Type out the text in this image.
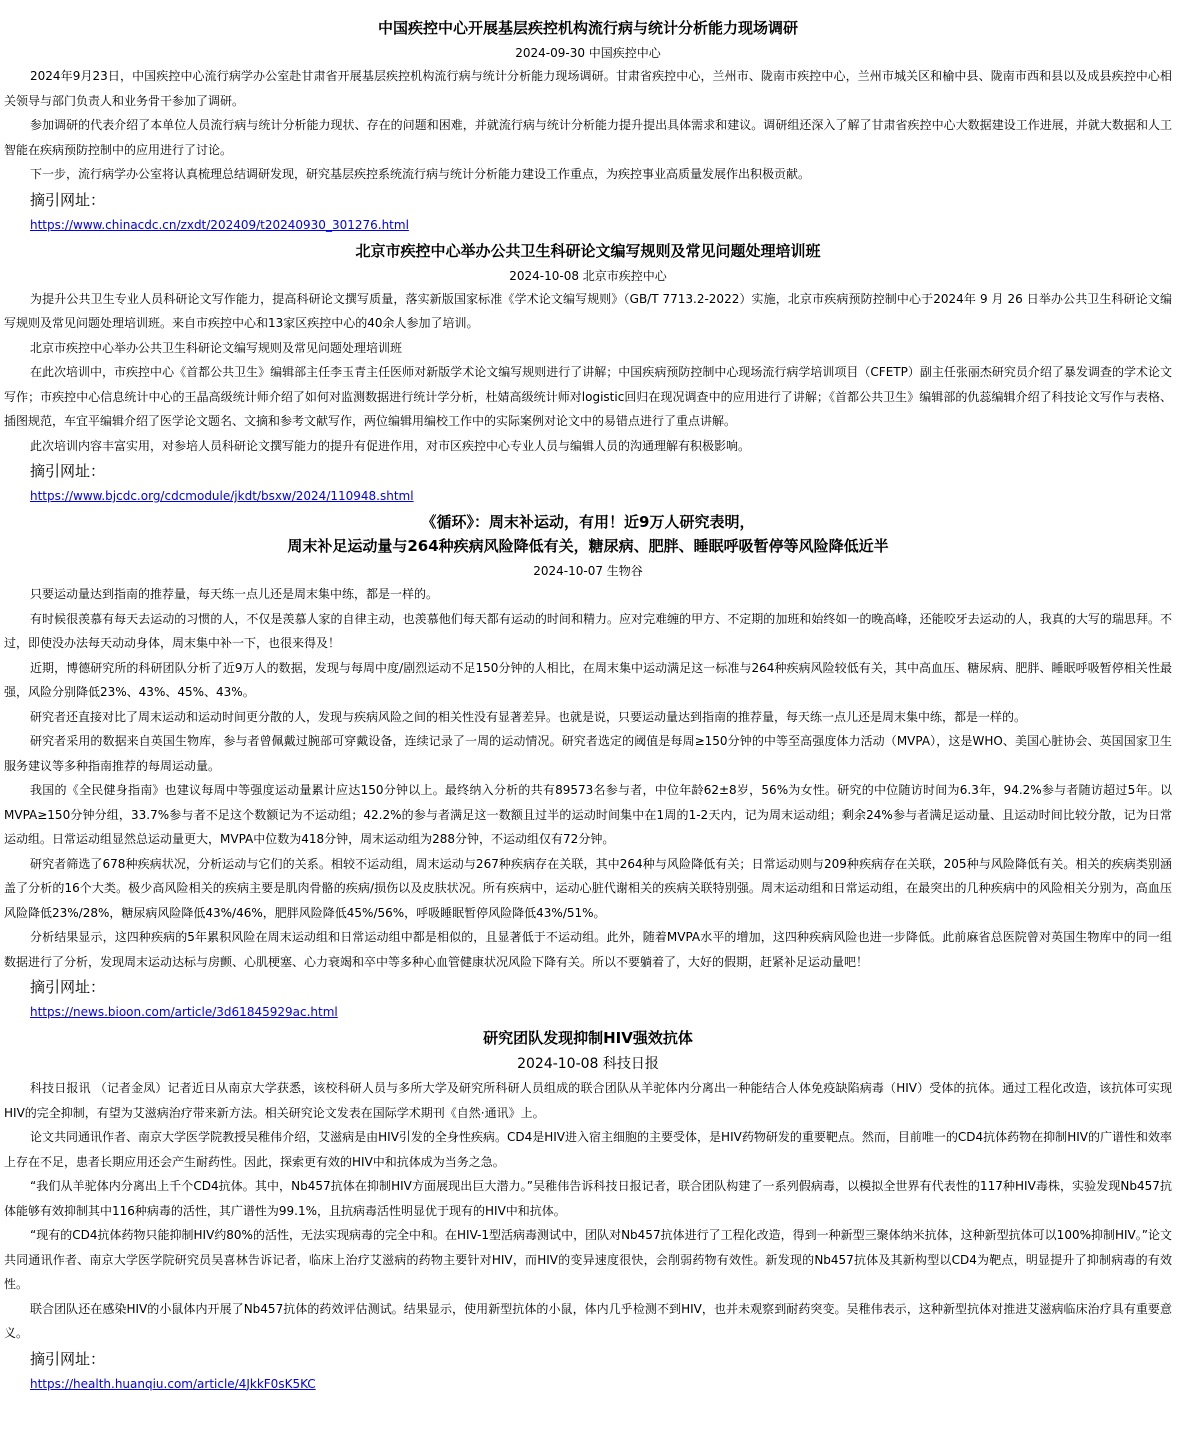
中国疾控中心开展基层疾控机构流行病与统计分析能力现场调研
2024-09-30 中国疾控中心

2024年9月23日，中国疾控中心流行病学办公室赴甘肃省开展基层疾控机构流行病与统计分析能力现场调研。甘肃省疾控中心，兰州市、陇南市疾控中心，兰州市城关区和榆中县、陇南市西和县以及成县疾控中心相关领导与部门负责人和业务骨干参加了调研。

参加调研的代表介绍了本单位人员流行病与统计分析能力现状、存在的问题和困难，并就流行病与统计分析能力提升提出具体需求和建议。调研组还深入了解了甘肃省疾控中心大数据建设工作进展，并就大数据和人工智能在疾病预防控制中的应用进行了讨论。

下一步，流行病学办公室将认真梳理总结调研发现，研究基层疾控系统流行病与统计分析能力建设工作重点，为疾控事业高质量发展作出积极贡献。

摘引网址：
https://www.chinacdc.cn/zxdt/202409/t20240930_301276.html
北京市疾控中心举办公共卫生科研论文编写规则及常见问题处理培训班
2024-10-08 北京市疾控中心

为提升公共卫生专业人员科研论文写作能力，提高科研论文撰写质量，落实新版国家标准《学术论文编写规则》（GB/T 7713.2-2022）实施，北京市疾病预防控制中心于2024年 9 月 26 日举办公共卫生科研论文编写规则及常见问题处理培训班。来自市疾控中心和13家区疾控中心的40余人参加了培训。

北京市疾控中心举办公共卫生科研论文编写规则及常见问题处理培训班

在此次培训中，市疾控中心《首都公共卫生》编辑部主任李玉青主任医师对新版学术论文编写规则进行了讲解；中国疾病预防控制中心现场流行病学培训项目（CFETP）副主任张丽杰研究员介绍了暴发调查的学术论文写作；市疾控中心信息统计中心的王晶高级统计师介绍了如何对监测数据进行统计学分析，杜婧高级统计师对logistic回归在现况调查中的应用进行了讲解；《首都公共卫生》编辑部的仇蕊编辑介绍了科技论文写作与表格、插图规范，车宜平编辑介绍了医学论文题名、文摘和参考文献写作，两位编辑用编校工作中的实际案例对论文中的易错点进行了重点讲解。

此次培训内容丰富实用，对参培人员科研论文撰写能力的提升有促进作用，对市区疾控中心专业人员与编辑人员的沟通理解有积极影响。

摘引网址：
https://www.bjcdc.org/cdcmodule/jkdt/bsxw/2024/110948.shtml
《循环》：周末补运动，有用！近9万人研究表明，
周末补足运动量与264种疾病风险降低有关，糖尿病、肥胖、睡眠呼吸暂停等风险降低近半
2024-10-07 生物谷

只要运动量达到指南的推荐量，每天练一点儿还是周末集中练，都是一样的。

有时候很羡慕有每天去运动的习惯的人，不仅是羡慕人家的自律主动，也羡慕他们每天都有运动的时间和精力。应对完难缠的甲方、不定期的加班和始终如一的晚高峰，还能咬牙去运动的人，我真的大写的瑞思拜。不过，即使没办法每天动动身体，周末集中补一下，也很来得及！

近期，博德研究所的科研团队分析了近9万人的数据，发现与每周中度/剧烈运动不足150分钟的人相比，在周末集中运动满足这一标准与264种疾病风险较低有关，其中高血压、糖尿病、肥胖、睡眠呼吸暂停相关性最强，风险分别降低23%、43%、45%、43%。

研究者还直接对比了周末运动和运动时间更分散的人，发现与疾病风险之间的相关性没有显著差异。也就是说，只要运动量达到指南的推荐量，每天练一点儿还是周末集中练，都是一样的。

研究者采用的数据来自英国生物库，参与者曾佩戴过腕部可穿戴设备，连续记录了一周的运动情况。研究者选定的阈值是每周≥150分钟的中等至高强度体力活动（MVPA），这是WHO、美国心脏协会、英国国家卫生服务建议等多种指南推荐的每周运动量。

我国的《全民健身指南》也建议每周中等强度运动量累计应达150分钟以上。最终纳入分析的共有89573名参与者，中位年龄62±8岁，56%为女性。研究的中位随访时间为6.3年，94.2%参与者随访超过5年。以MVPA≥150分钟分组，33.7%参与者不足这个数额记为不运动组；42.2%的参与者满足这一数额且过半的运动时间集中在1周的1-2天内，记为周末运动组；剩余24%参与者满足运动量、且运动时间比较分散，记为日常运动组。日常运动组显然总运动量更大，MVPA中位数为418分钟，周末运动组为288分钟，不运动组仅有72分钟。

研究者筛选了678种疾病状况，分析运动与它们的关系。相较不运动组，周末运动与267种疾病存在关联，其中264种与风险降低有关；日常运动则与209种疾病存在关联，205种与风险降低有关。相关的疾病类别涵盖了分析的16个大类。极少高风险相关的疾病主要是肌肉骨骼的疾病/损伤以及皮肤状况。所有疾病中，运动心脏代谢相关的疾病关联特别强。周末运动组和日常运动组，在最突出的几种疾病中的风险相关分别为，高血压风险降低23%/28%，糖尿病风险降低43%/46%，肥胖风险降低45%/56%，呼吸睡眠暂停风险降低43%/51%。

分析结果显示，这四种疾病的5年累积风险在周末运动组和日常运动组中都是相似的，且显著低于不运动组。此外，随着MVPA水平的增加，这四种疾病风险也进一步降低。此前麻省总医院曾对英国生物库中的同一组数据进行了分析，发现周末运动达标与房颤、心肌梗塞、心力衰竭和卒中等多种心血管健康状况风险下降有关。所以不要躺着了，大好的假期，赶紧补足运动量吧！

摘引网址：
https://news.bioon.com/article/3d61845929ac.html
研究团队发现抑制HIV强效抗体
2024-10-08 科技日报

科技日报讯 （记者金凤）记者近日从南京大学获悉，该校科研人员与多所大学及研究所科研人员组成的联合团队从羊驼体内分离出一种能结合人体免疫缺陷病毒（HIV）受体的抗体。通过工程化改造，该抗体可实现HIV的完全抑制，有望为艾滋病治疗带来新方法。相关研究论文发表在国际学术期刊《自然·通讯》上。

论文共同通讯作者、南京大学医学院教授吴稚伟介绍，艾滋病是由HIV引发的全身性疾病。CD4是HIV进入宿主细胞的主要受体，是HIV药物研发的重要靶点。然而，目前唯一的CD4抗体药物在抑制HIV的广谱性和效率上存在不足，患者长期应用还会产生耐药性。因此，探索更有效的HIV中和抗体成为当务之急。

“我们从羊驼体内分离出上千个CD4抗体。其中，Nb457抗体在抑制HIV方面展现出巨大潜力。”吴稚伟告诉科技日报记者，联合团队构建了一系列假病毒，以模拟全世界有代表性的117种HIV毒株，实验发现Nb457抗体能够有效抑制其中116种病毒的活性，其广谱性为99.1%，且抗病毒活性明显优于现有的HIV中和抗体。

“现有的CD4抗体药物只能抑制HIV约80%的活性，无法实现病毒的完全中和。在HIV-1型活病毒测试中，团队对Nb457抗体进行了工程化改造，得到一种新型三聚体纳米抗体，这种新型抗体可以100%抑制HIV。”论文共同通讯作者、南京大学医学院研究员吴喜林告诉记者，临床上治疗艾滋病的药物主要针对HIV，而HIV的变异速度很快，会削弱药物有效性。新发现的Nb457抗体及其新构型以CD4为靶点，明显提升了抑制病毒的有效性。

联合团队还在感染HIV的小鼠体内开展了Nb457抗体的药效评估测试。结果显示，使用新型抗体的小鼠，体内几乎检测不到HIV，也并未观察到耐药突变。吴稚伟表示，这种新型抗体对推进艾滋病临床治疗具有重要意义。

摘引网址：
https://health.huanqiu.com/article/4JkkF0sK5KC
